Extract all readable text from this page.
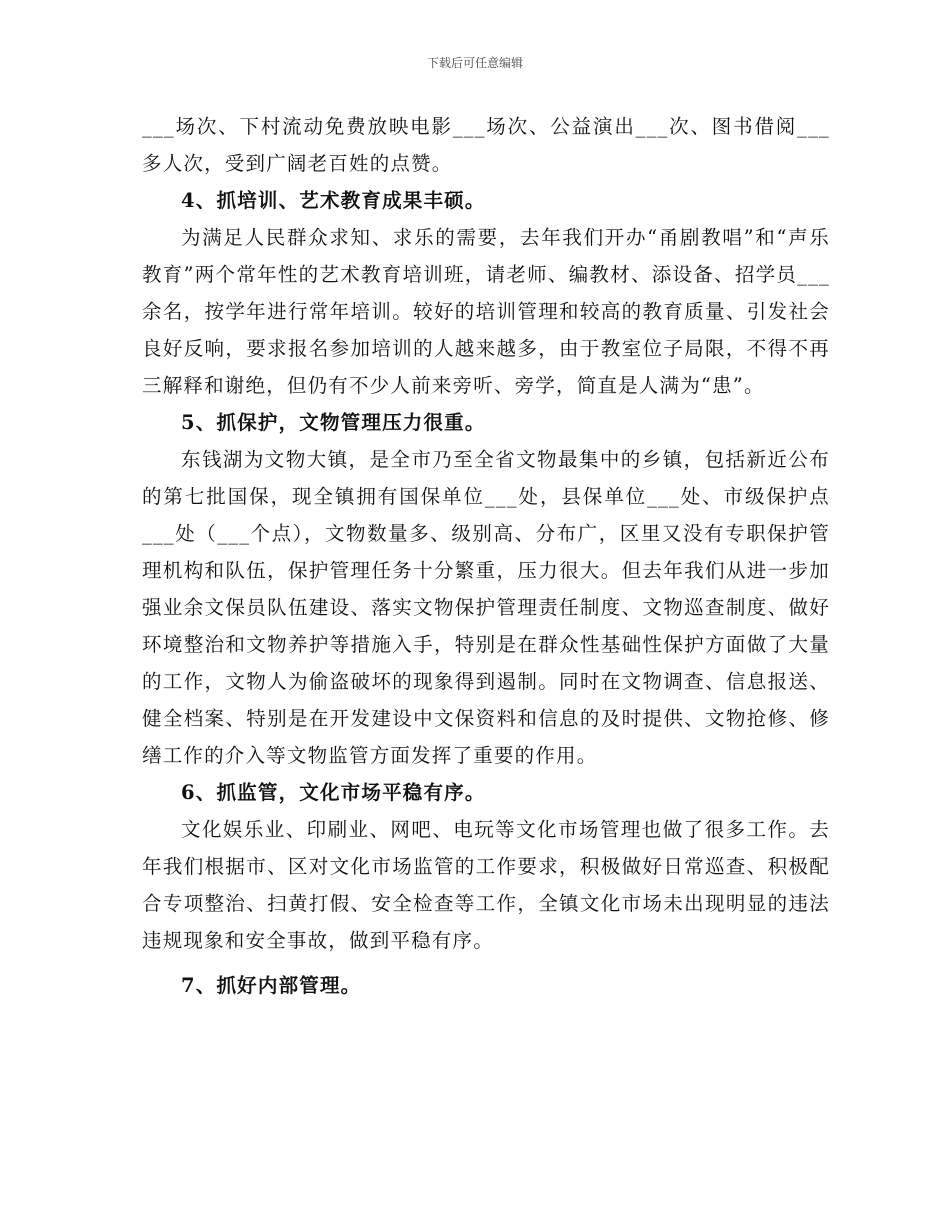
下载后可任意编辑

___场次、下村流动免费放映电影___场次、公益演出___次、图书借阅___多人次，受到广阔老百姓的点赞。

4、抓培训、艺术教育成果丰硕。

为满足人民群众求知、求乐的需要，去年我们开办“甬剧教唱”和“声乐教育”两个常年性的艺术教育培训班，请老师、编教材、添设备、招学员___余名，按学年进行常年培训。较好的培训管理和较高的教育质量、引发社会良好反响，要求报名参加培训的人越来越多，由于教室位子局限，不得不再三解释和谢绝，但仍有不少人前来旁听、旁学，简直是人满为“患”。

5、抓保护，文物管理压力很重。

东钱湖为文物大镇，是全市乃至全省文物最集中的乡镇，包括新近公布的第七批国保，现全镇拥有国保单位___处，县保单位___处、市级保护点___处（___个点），文物数量多、级别高、分布广，区里又没有专职保护管理机构和队伍，保护管理任务十分繁重，压力很大。但去年我们从进一步加强业余文保员队伍建设、落实文物保护管理责任制度、文物巡查制度、做好环境整治和文物养护等措施入手，特别是在群众性基础性保护方面做了大量的工作，文物人为偷盗破坏的现象得到遏制。同时在文物调查、信息报送、健全档案、特别是在开发建设中文保资料和信息的及时提供、文物抢修、修缮工作的介入等文物监管方面发挥了重要的作用。

6、抓监管，文化市场平稳有序。

文化娱乐业、印刷业、网吧、电玩等文化市场管理也做了很多工作。去年我们根据市、区对文化市场监管的工作要求，积极做好日常巡查、积极配合专项整治、扫黄打假、安全检查等工作，全镇文化市场未出现明显的违法违规现象和安全事故，做到平稳有序。

7、抓好内部管理。
